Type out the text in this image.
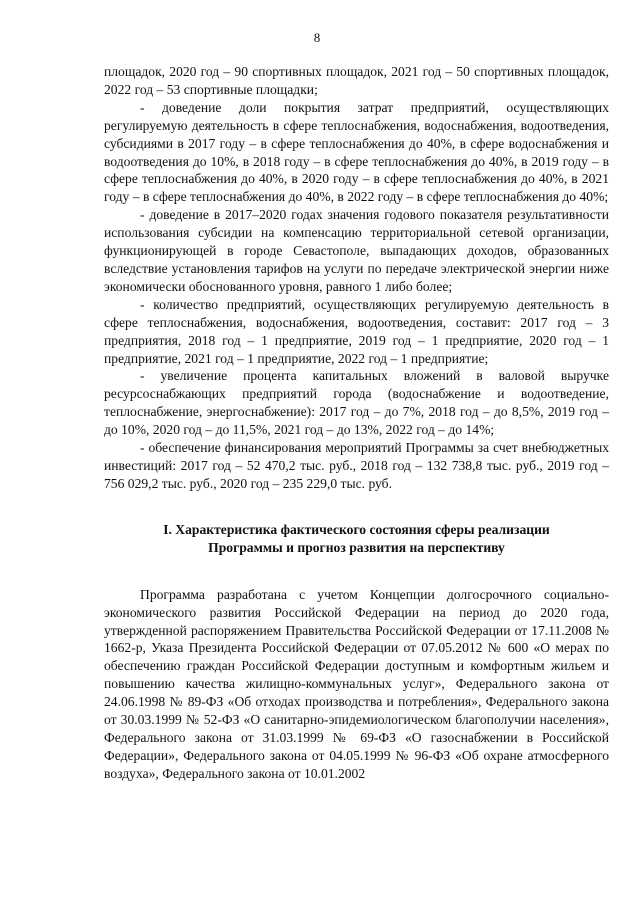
8

площадок, 2020 год – 90 спортивных площадок, 2021 год – 50 спортивных площадок, 2022 год – 53 спортивные площадки;

- доведение доли покрытия затрат предприятий, осуществляющих регулируемую деятельность в сфере теплоснабжения, водоснабжения, водоотведения, субсидиями в 2017 году – в сфере теплоснабжения до 40%, в сфере водоснабжения и водоотведения до 10%, в 2018 году – в сфере теплоснабжения до 40%, в 2019 году – в сфере теплоснабжения до 40%, в 2020 году – в сфере теплоснабжения до 40%, в 2021 году – в сфере теплоснабжения до 40%, в 2022 году – в сфере теплоснабжения до 40%;

- доведение в 2017–2020 годах значения годового показателя результативности использования субсидии на компенсацию территориальной сетевой организации, функционирующей в городе Севастополе, выпадающих доходов, образованных вследствие установления тарифов на услуги по передаче электрической энергии ниже экономически обоснованного уровня, равного 1 либо более;

- количество предприятий, осуществляющих регулируемую деятельность в сфере теплоснабжения, водоснабжения, водоотведения, составит: 2017 год – 3 предприятия, 2018 год – 1 предприятие, 2019 год – 1 предприятие, 2020 год – 1 предприятие, 2021 год – 1 предприятие, 2022 год – 1 предприятие;

- увеличение процента капитальных вложений в валовой выручке ресурсоснабжающих предприятий города (водоснабжение и водоотведение, теплоснабжение, энергоснабжение): 2017 год – до 7%, 2018 год – до 8,5%, 2019 год – до 10%, 2020 год – до 11,5%, 2021 год – до 13%, 2022 год – до 14%;

- обеспечение финансирования мероприятий Программы за счет внебюджетных инвестиций: 2017 год – 52 470,2 тыс. руб., 2018 год – 132 738,8 тыс. руб., 2019 год – 756 029,2 тыс. руб., 2020 год – 235 229,0 тыс. руб.

I. Характеристика фактического состояния сферы реализации
Программы и прогноз развития на перспективу

Программа разработана с учетом Концепции долгосрочного социально-экономического развития Российской Федерации на период до 2020 года, утвержденной распоряжением Правительства Российской Федерации от 17.11.2008 № 1662-р, Указа Президента Российской Федерации от 07.05.2012 № 600 «О мерах по обеспечению граждан Российской Федерации доступным и комфортным жильем и повышению качества жилищно-коммунальных услуг», Федерального закона от 24.06.1998 № 89-ФЗ «Об отходах производства и потребления», Федерального закона от 30.03.1999 № 52-ФЗ «О санитарно-эпидемиологическом благополучии населения», Федерального закона от 31.03.1999 № 69-ФЗ «О газоснабжении в Российской Федерации», Федерального закона от 04.05.1999 № 96-ФЗ «Об охране атмосферного воздуха», Федерального закона от 10.01.2002
